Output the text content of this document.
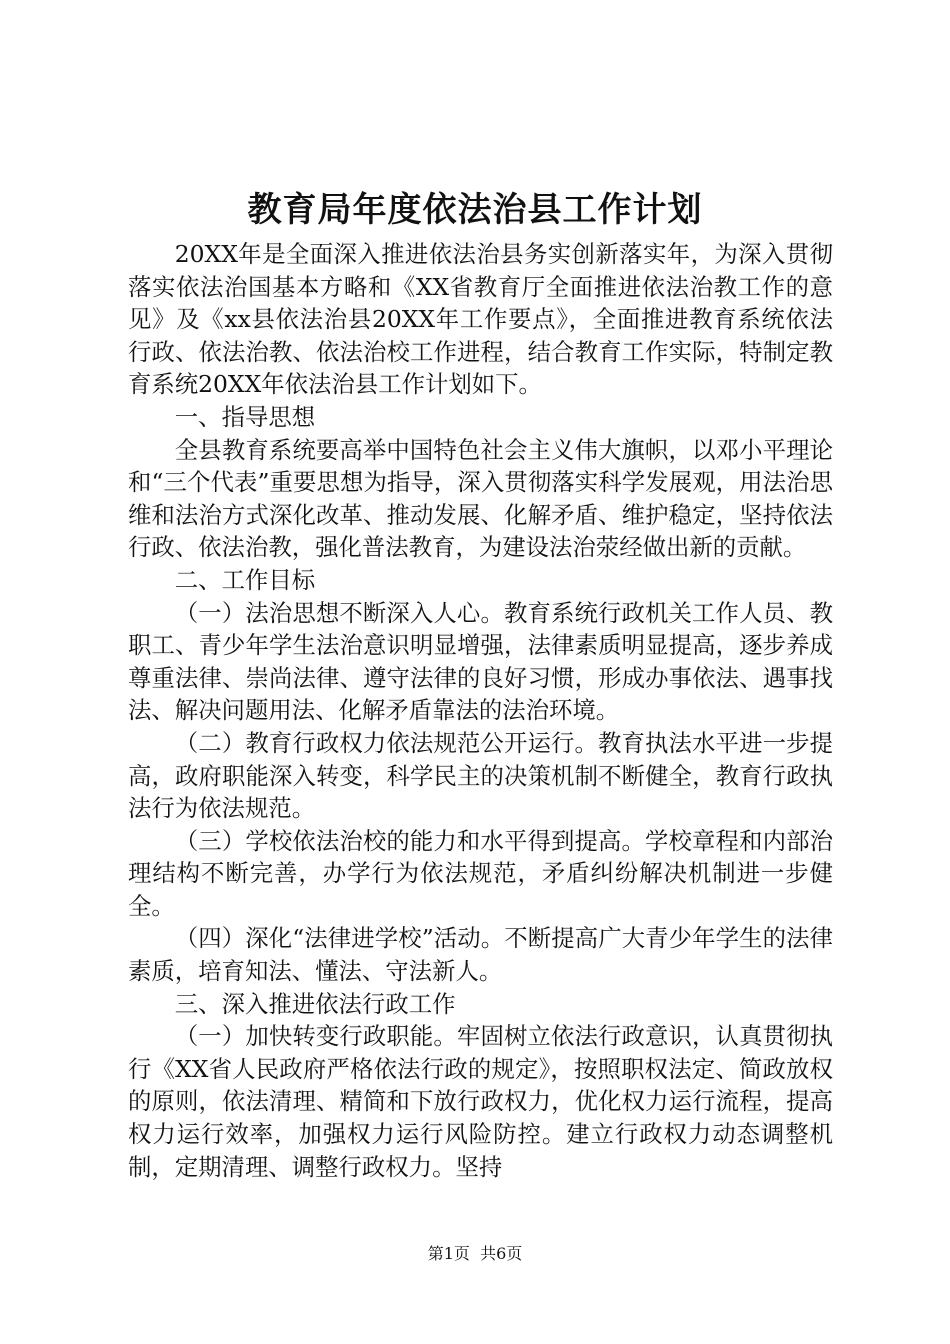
教育局年度依法治县工作计划

20XX年是全面深入推进依法治县务实创新落实年，为深入贯彻落实依法治国基本方略和《XX省教育厅全面推进依法治教工作的意见》及《xx县依法治县20XX年工作要点》，全面推进教育系统依法行政、依法治教、依法治校工作进程，结合教育工作实际，特制定教育系统20XX年依法治县工作计划如下。

一、指导思想

全县教育系统要高举中国特色社会主义伟大旗帜，以邓小平理论和“三个代表”重要思想为指导，深入贯彻落实科学发展观，用法治思维和法治方式深化改革、推动发展、化解矛盾、维护稳定，坚持依法行政、依法治教，强化普法教育，为建设法治荥经做出新的贡献。

二、工作目标

（一）法治思想不断深入人心。教育系统行政机关工作人员、教职工、青少年学生法治意识明显增强，法律素质明显提高，逐步养成尊重法律、崇尚法律、遵守法律的良好习惯，形成办事依法、遇事找法、解决问题用法、化解矛盾靠法的法治环境。

（二）教育行政权力依法规范公开运行。教育执法水平进一步提高，政府职能深入转变，科学民主的决策机制不断健全，教育行政执法行为依法规范。

（三）学校依法治校的能力和水平得到提高。学校章程和内部治理结构不断完善，办学行为依法规范，矛盾纠纷解决机制进一步健全。

（四）深化“法律进学校”活动。不断提高广大青少年学生的法律素质，培育知法、懂法、守法新人。

三、深入推进依法行政工作

（一）加快转变行政职能。牢固树立依法行政意识，认真贯彻执行《XX省人民政府严格依法行政的规定》，按照职权法定、简政放权的原则，依法清理、精简和下放行政权力，优化权力运行流程，提高权力运行效率，加强权力运行风险防控。建立行政权力动态调整机制，定期清理、调整行政权力。坚持

第1页 共6页
